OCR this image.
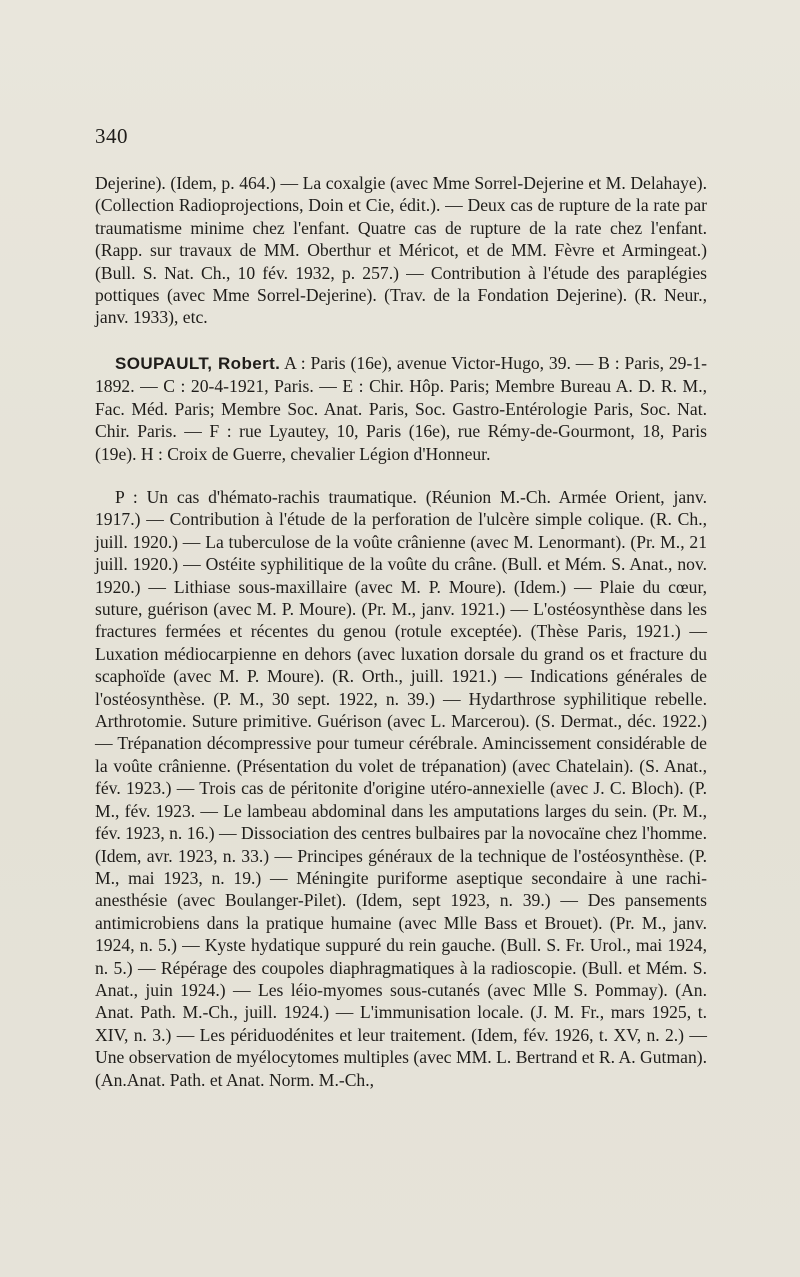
340

Dejerine). (Idem, p. 464.) — La coxalgie (avec Mme Sorrel-Dejerine et M. Delahaye). (Collection Radioprojections, Doin et Cie, édit.). — Deux cas de rupture de la rate par traumatisme minime chez l'enfant. Quatre cas de rupture de la rate chez l'enfant. (Rapp. sur travaux de MM. Oberthur et Méricot, et de MM. Fèvre et Armingeat.) (Bull. S. Nat. Ch., 10 fév. 1932, p. 257.) — Contribution à l'étude des paraplégies pottiques (avec Mme Sorrel-Dejerine). (Trav. de la Fondation Dejerine). (R. Neur., janv. 1933), etc.

SOUPAULT, Robert. A : Paris (16e), avenue Victor-Hugo, 39. — B : Paris, 29-1-1892. — C : 20-4-1921, Paris. — E : Chir. Hôp. Paris; Membre Bureau A. D. R. M., Fac. Méd. Paris; Membre Soc. Anat. Paris, Soc. Gastro-Entérologie Paris, Soc. Nat. Chir. Paris. — F : rue Lyautey, 10, Paris (16e), rue Rémy-de-Gourmont, 18, Paris (19e). H : Croix de Guerre, chevalier Légion d'Honneur.

P : Un cas d'hémato-rachis traumatique. (Réunion M.-Ch. Armée Orient, janv. 1917.) — Contribution à l'étude de la perforation de l'ulcère simple colique. (R. Ch., juill. 1920.) — La tuberculose de la voûte crânienne (avec M. Lenormant). (Pr. M., 21 juill. 1920.) — Ostéite syphilitique de la voûte du crâne. (Bull. et Mém. S. Anat., nov. 1920.) — Lithiase sous-maxillaire (avec M. P. Moure). (Idem.) — Plaie du cœur, suture, guérison (avec M. P. Moure). (Pr. M., janv. 1921.) — L'ostéosynthèse dans les fractures fermées et récentes du genou (rotule exceptée). (Thèse Paris, 1921.) — Luxation médiocarpienne en dehors (avec luxation dorsale du grand os et fracture du scaphoïde (avec M. P. Moure). (R. Orth., juill. 1921.) — Indications générales de l'ostéosynthèse. (P. M., 30 sept. 1922, n. 39.) — Hydarthrose syphilitique rebelle. Arthrotomie. Suture primitive. Guérison (avec L. Marcerou). (S. Dermat., déc. 1922.) — Trépanation décompressive pour tumeur cérébrale. Amincissement considérable de la voûte crânienne. (Présentation du volet de trépanation) (avec Chatelain). (S. Anat., fév. 1923.) — Trois cas de péritonite d'origine utéro-annexielle (avec J. C. Bloch). (P. M., fév. 1923. — Le lambeau abdominal dans les amputations larges du sein. (Pr. M., fév. 1923, n. 16.) — Dissociation des centres bulbaires par la novocaïne chez l'homme. (Idem, avr. 1923, n. 33.) — Principes généraux de la technique de l'ostéosynthèse. (P. M., mai 1923, n. 19.) — Méningite puriforme aseptique secondaire à une rachi-anesthésie (avec Boulanger-Pilet). (Idem, sept 1923, n. 39.) — Des pansements antimicrobiens dans la pratique humaine (avec Mlle Bass et Brouet). (Pr. M., janv. 1924, n. 5.) — Kyste hydatique suppuré du rein gauche. (Bull. S. Fr. Urol., mai 1924, n. 5.) — Répérage des coupoles diaphragmatiques à la radioscopie. (Bull. et Mém. S. Anat., juin 1924.) — Les léio-myomes sous-cutanés (avec Mlle S. Pommay). (An. Anat. Path. M.-Ch., juill. 1924.) — L'immunisation locale. (J. M. Fr., mars 1925, t. XIV, n. 3.) — Les périduodénites et leur traitement. (Idem, fév. 1926, t. XV, n. 2.) — Une observation de myélocytomes multiples (avec MM. L. Bertrand et R. A. Gutman). (An.Anat. Path. et Anat. Norm. M.-Ch.,
